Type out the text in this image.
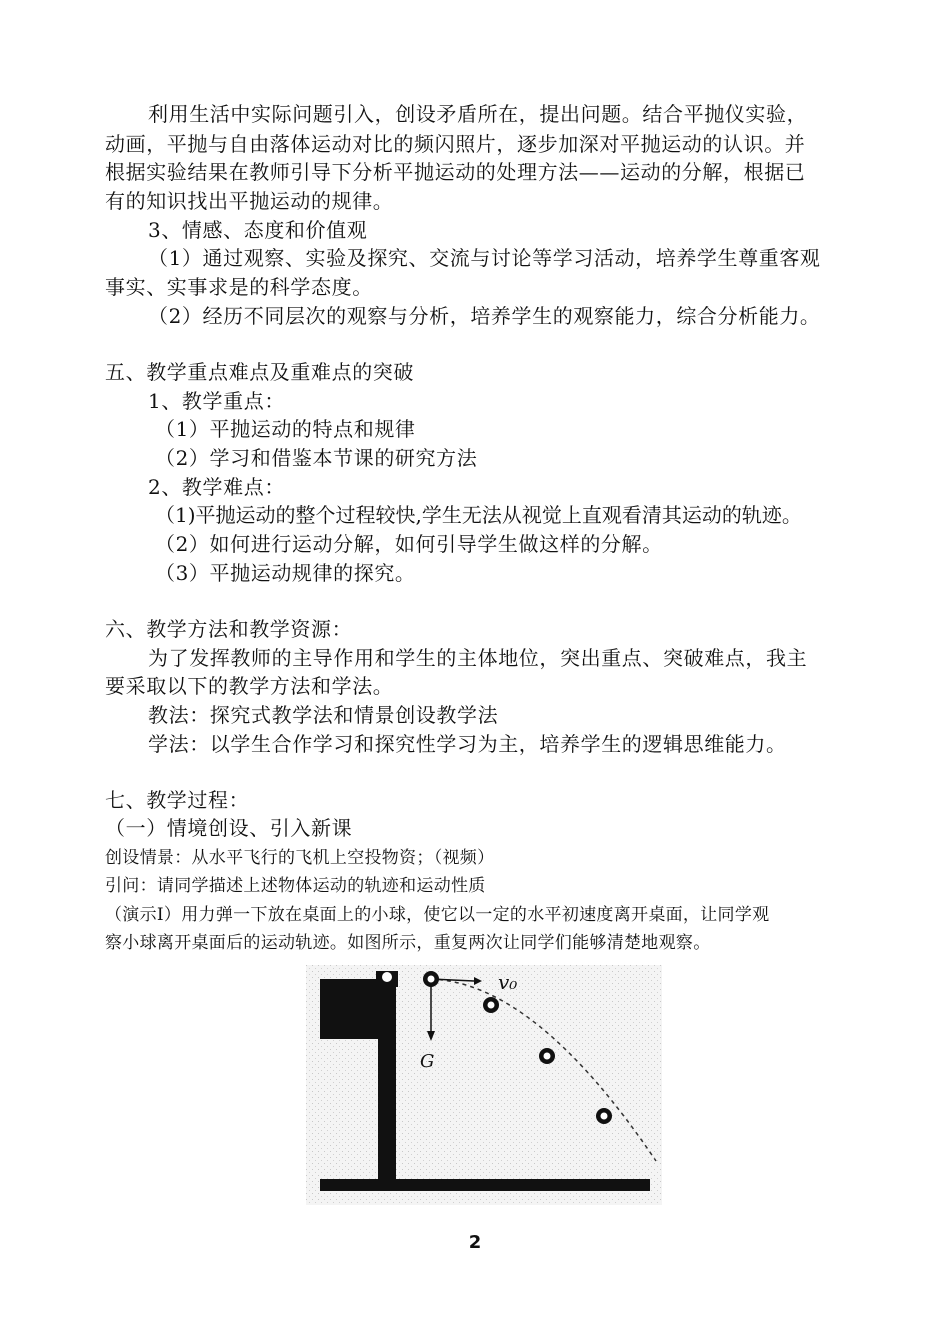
利用生活中实际问题引入，创设矛盾所在，提出问题。结合平抛仪实验，
动画，平抛与自由落体运动对比的频闪照片，逐步加深对平抛运动的认识。并
根据实验结果在教师引导下分析平抛运动的处理方法——运动的分解，根据已
有的知识找出平抛运动的规律。
3、情感、态度和价值观
（1）通过观察、实验及探究、交流与讨论等学习活动，培养学生尊重客观
事实、实事求是的科学态度。
（2）经历不同层次的观察与分析，培养学生的观察能力，综合分析能力。
五、教学重点难点及重难点的突破
1、教学重点：
（1）平抛运动的特点和规律
（2）学习和借鉴本节课的研究方法
2、教学难点：
（1)平抛运动的整个过程较快,学生无法从视觉上直观看清其运动的轨迹。
（2）如何进行运动分解，如何引导学生做这样的分解。
（3）平抛运动规律的探究。
六、教学方法和教学资源：
为了发挥教师的主导作用和学生的主体地位，突出重点、突破难点，我主
要采取以下的教学方法和学法。
教法：探究式教学法和情景创设教学法
学法：以学生合作学习和探究性学习为主，培养学生的逻辑思维能力。
七、教学过程：
（一）情境创设、引入新课
创设情景：从水平飞行的飞机上空投物资；（视频）
引问：请同学描述上述物体运动的轨迹和运动性质
（演示Ⅰ）用力弹一下放在桌面上的小球，使它以一定的水平初速度离开桌面，让同学观
察小球离开桌面后的运动轨迹。如图所示，重复两次让同学们能够清楚地观察。
v₀
G
2
